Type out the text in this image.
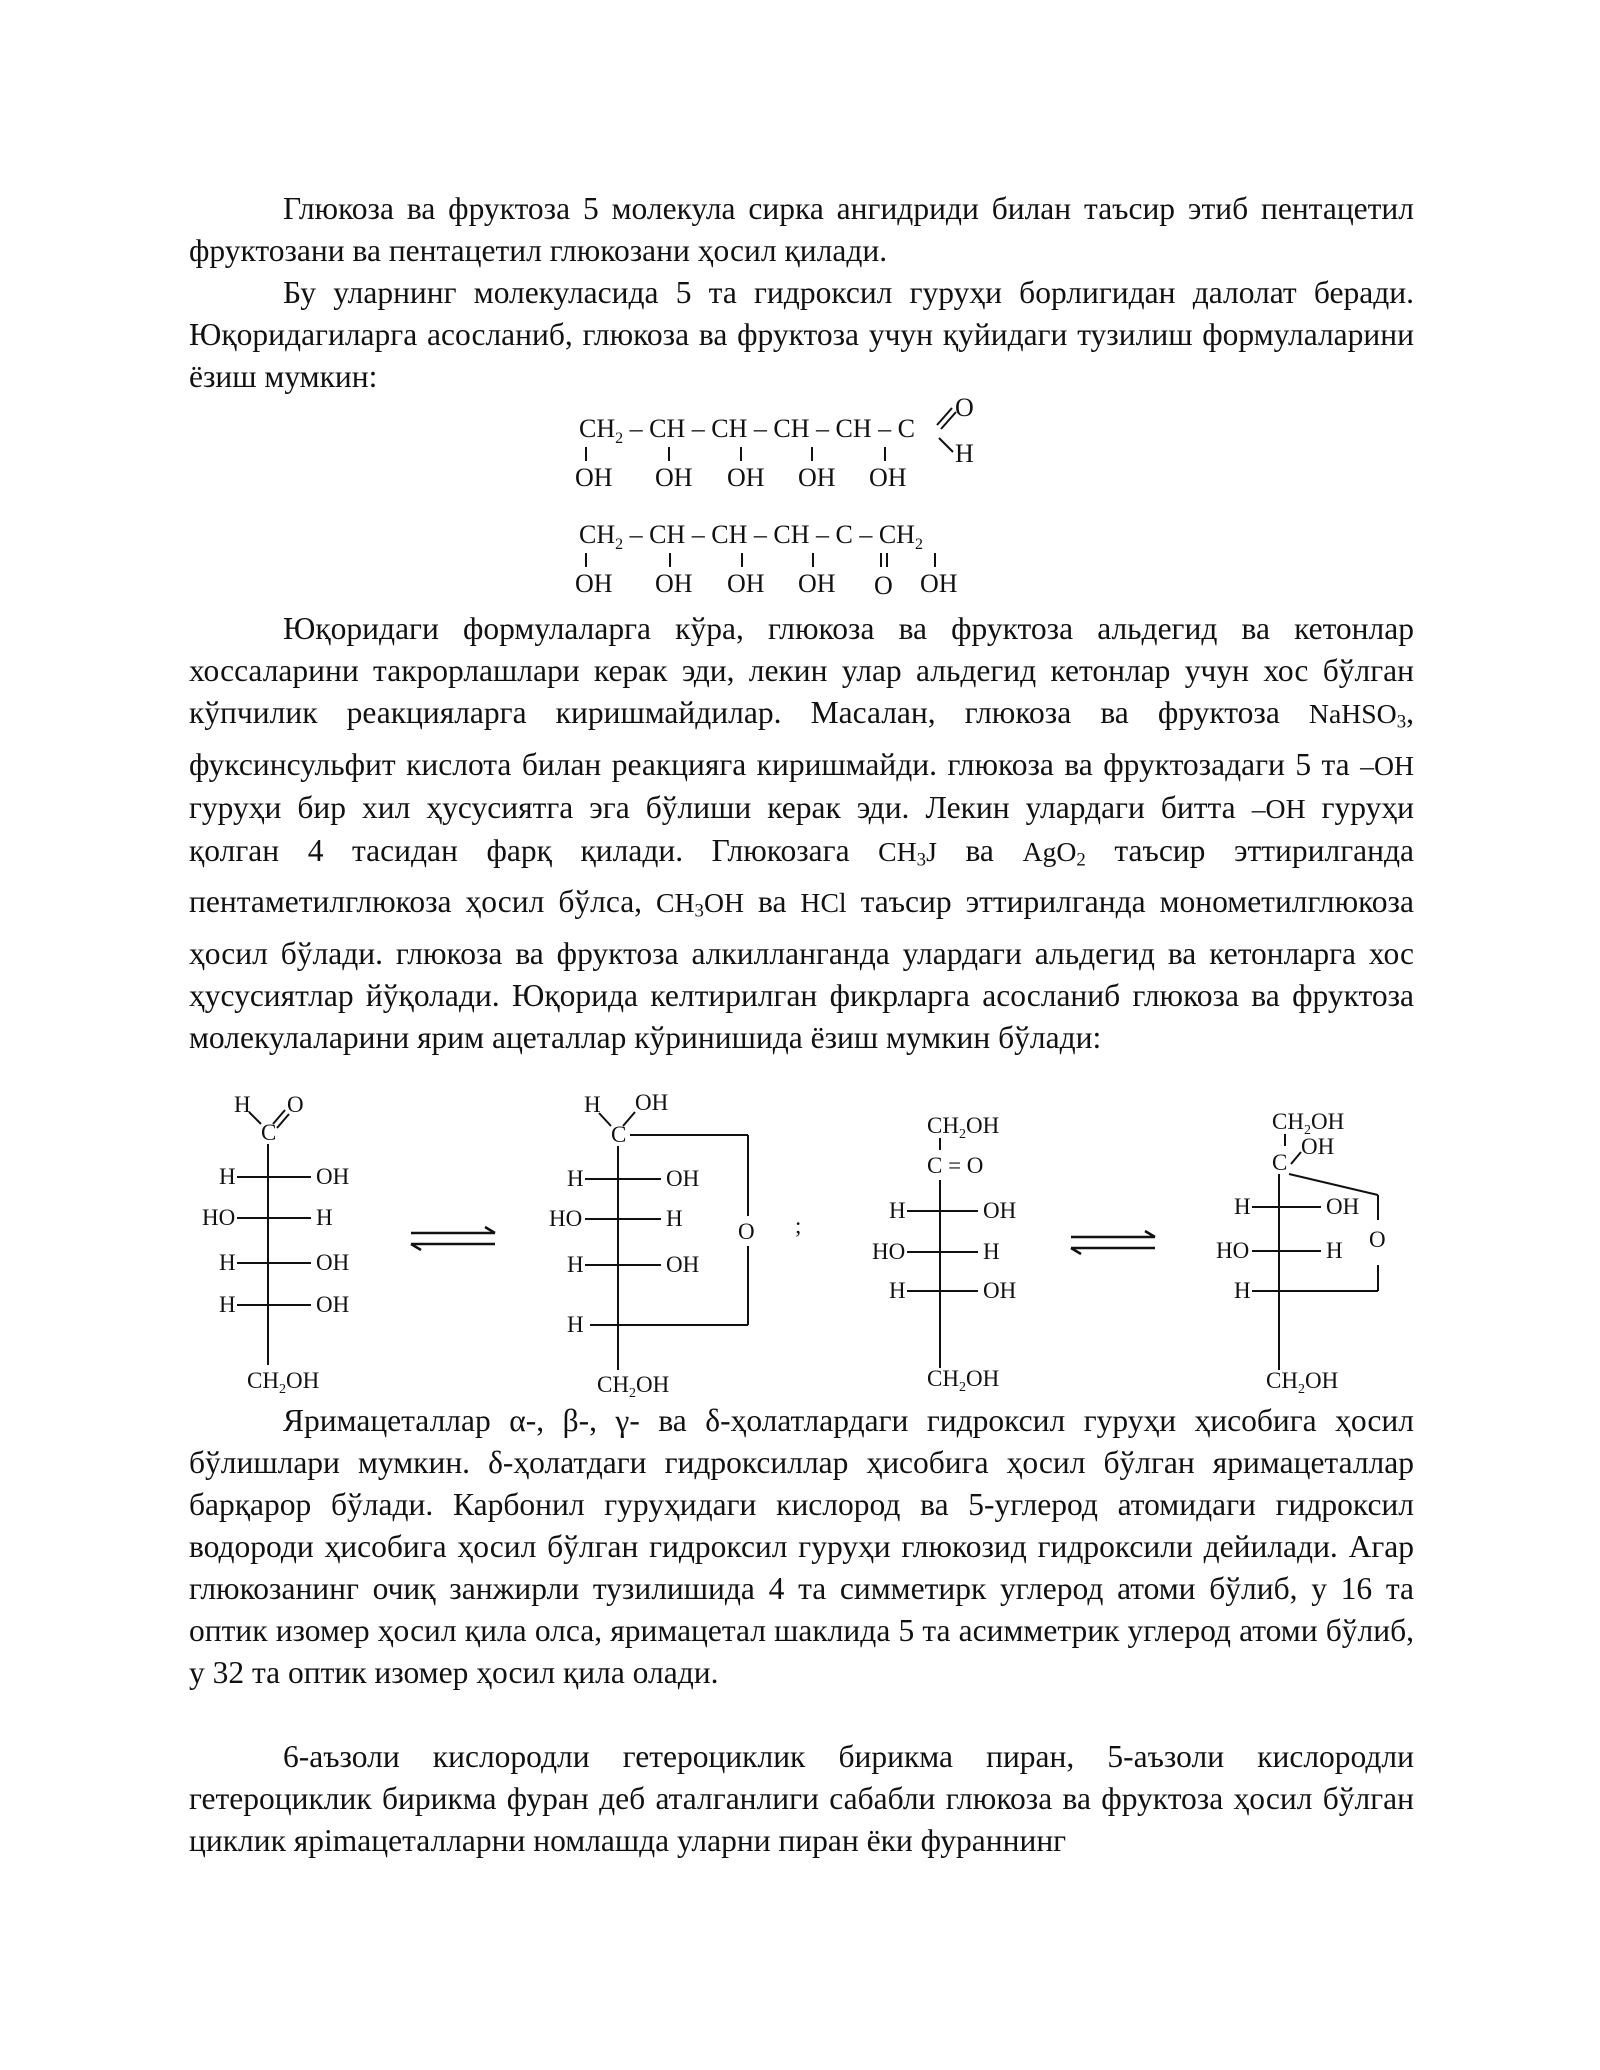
Глюкоза ва фруктоза 5 молекула сирка ангидриди билан таъсир этиб пентацетил фруктозани ва пентацетил глюкозани ҳосил қилади.

Бу уларнинг молекуласида 5 та гидроксил гуруҳи борлигидан далолат беради. Юқоридагиларга асосланиб, глюкоза ва фруктоза учун қуйидаги тузилиш формулаларини ёзиш мумкин:

$CH_2$ – CH – CH – CH – CH – C
O
H
OH OH OH OH OH
$CH_2$ – CH – CH – CH – C – $CH_2$
OH OH OH OH O OH

Юқоридаги формулаларга кўра, глюкоза ва фруктоза альдегид ва кетонлар хоссаларини такрорлашлари керак эди, лекин улар альдегид кетонлар учун хос бўлган кўпчилик реакцияларга киришмайдилар. Масалан, глюкоза ва фруктоза NaHSO$_3$, фуксинсульфит кислота билан реакцияга киришмайди. глюкоза ва фруктозадаги 5 та –OH гуруҳи бир хил ҳусусиятга эга бўлиши керак эди. Лекин улардаги битта –OH гуруҳи қолган 4 тасидан фарқ қилади. Глюкозага $CH_3J$ ва AgO$_2$ таъсир эттирилганда пентаметилглюкоза ҳосил бўлса, $CH_3OH$ ва HCl таъсир эттирилганда монометилглюкоза ҳосил бўлади. глюкоза ва фруктоза алкилланганда улардаги альдегид ва кетонларга хос ҳусусиятлар йўқолади. Юқорида келтирилган фикрларга асосланиб глюкоза ва фруктоза молекулаларини ярим ацеталлар кўринишида ёзиш мумкин бўлади:

H
C
O
H	OH
HO	H
H	OH
H	OH
$CH_2OH$
H
C
OH
O
H	OH
HO	H
H	OH
H
$CH_2OH$
;
$CH_2OH$
C = O
H	OH
HO	H
H	OH
$CH_2OH$
$CH_2OH$
C
OH
O
H	OH
HO	H
H
$CH_2OH$

Яримацеталлар α-, β-, γ- ва δ-ҳолатлардаги гидроксил гуруҳи ҳисобига ҳосил бўлишлари мумкин. δ-ҳолатдаги гидроксиллар ҳисобига ҳосил бўлган яримацеталлар барқарор бўлади. Карбонил гуруҳидаги кислород ва 5-углерод атомидаги гидроксил водороди ҳисобига ҳосил бўлган гидроксил гуруҳи глюкозид гидроксили дейилади. Агар глюкозанинг очиқ занжирли тузилишида 4 та симметирк углерод атоми бўлиб, у 16 та оптик изомер ҳосил қила олса, яримацетал шаклида 5 та асимметрик углерод атоми бўлиб, у 32 та оптик изомер ҳосил қила олади.

6-аъзоли кислородли гетероциклик бирикма пиран, 5-аъзоли кислородли гетероциклик бирикма фуран деб аталганлиги сабабли глюкоза ва фруктоза ҳосил бўлган циклик ярimaцеталларни номлашда уларни пиран ёки фураннинг
